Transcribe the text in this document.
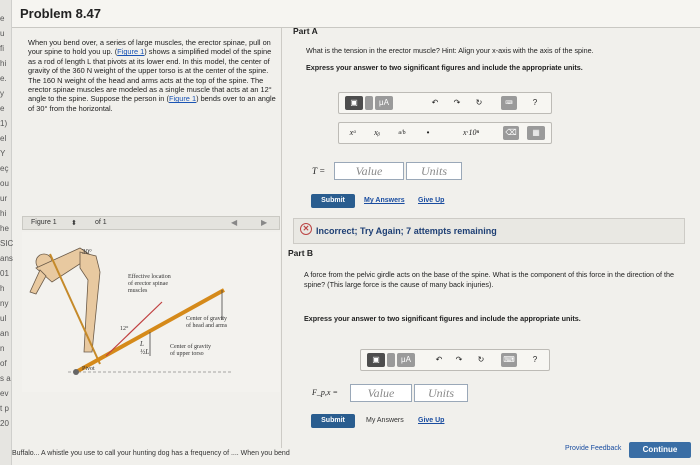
e
u
fi
hi
e.
y
e
1)
el
Y
eç
ou
ur
hi
he
SIC
ans
01
h
ny
ul
an
n
of
s a
ev
t p
20
Problem 8.47

When you bend over, a series of large muscles, the erector spinae, pull on your spine to hold you up. (Figure 1) shows a simplified model of the spine as a rod of length L that pivots at its lower end. In this model, the center of gravity of the 360 N weight of the upper torso is at the center of the spine. The 160 N weight of the head and arms acts at the top of the spine. The erector spinae muscles are modeled as a single muscle that acts at an 12° angle to the spine. Suppose the person in (Figure 1) bends over to an angle of 30° from the horizontal.

Figure 1 ⬍	of 1	◀	▶
30°
12°
Effective location
of erector spinae
muscles
Center of gravity
of head and arms
Center of gravity
of upper torso
Pivot
L
½L
Part A

What is the tension in the erector muscle? Hint: Align your x-axis with the axis of the spine.

Express your answer to two significant figures and include the appropriate units.

▣	μA	↶	↷	↻	⌨	?
xᵃ	xᵦ	a/b	•	x·10ⁿ	⌫	▦
T =	Value	Units
Submit	My Answers Give Up
✕ Incorrect; Try Again; 7 attempts remaining
Part B

A force from the pelvic girdle acts on the base of the spine. What is the component of this force in the direction of the spine? (This large force is the cause of many back injuries).

Express your answer to two significant figures and include the appropriate units.

▣	μA	↶	↷	↻	⌨	?
F_p,x =	Value	Units
Submit	My Answers Give Up
Provide Feedback	Continue
Buffalo... A whistle you use to call your hunting dog has a frequency of .... When you bend
